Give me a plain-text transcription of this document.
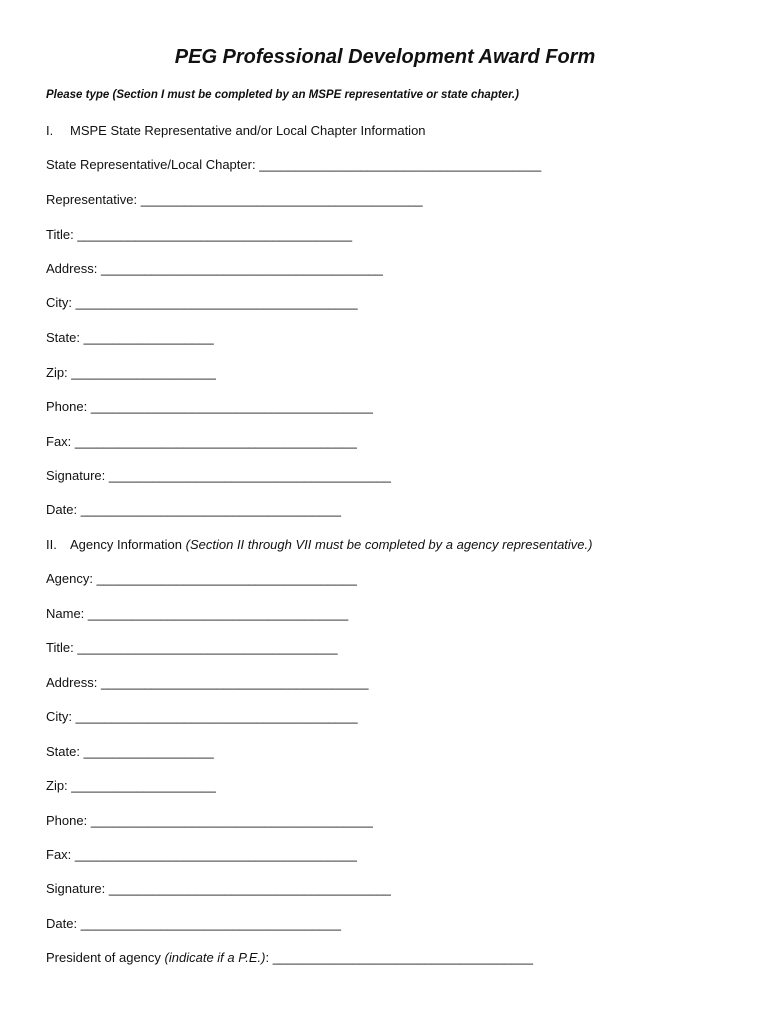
PEG Professional Development Award Form
Please type (Section I must be completed by an MSPE representative or state chapter.)
I. MSPE State Representative and/or Local Chapter Information
State Representative/Local Chapter: _______________________________________
Representative: _______________________________________
Title: ______________________________________
Address: _______________________________________
City: _______________________________________
State: __________________
Zip: ____________________
Phone: _______________________________________
Fax: _______________________________________
Signature: _______________________________________
Date: ____________________________________
II. Agency Information (Section II through VII must be completed by a agency representative.)
Agency: ____________________________________
Name: ____________________________________
Title: ____________________________________
Address: _____________________________________
City: _______________________________________
State: __________________
Zip: ____________________
Phone: _______________________________________
Fax: _______________________________________
Signature: _______________________________________
Date: ____________________________________
President of agency (indicate if a P.E.): ____________________________________
